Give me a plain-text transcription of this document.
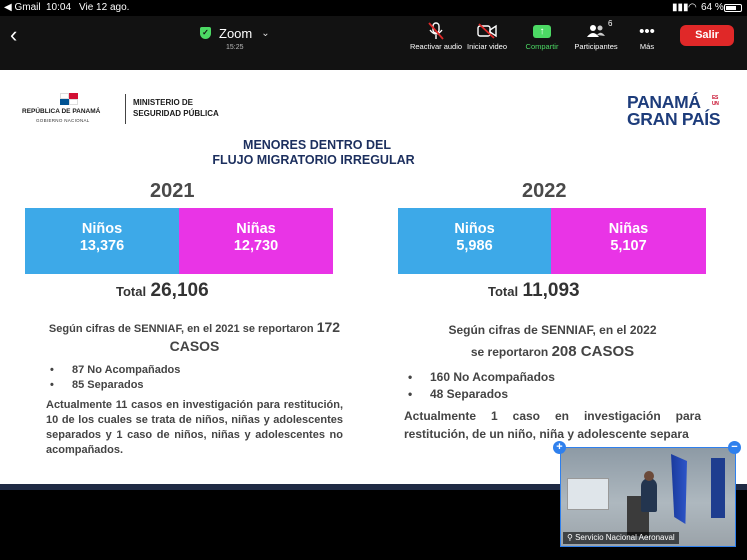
◀ Gmail 10:04 Vie 12 ago.	▮▮▮ ◠ 64 %
‹	✓ Zoom ⌄
15:25	Reactivar audio Iniciar video
↑
Compartir
6
Participantes
•••
Más
Salir
REPÚBLICA DE PANAMÁ
GOBIERNO NACIONAL
MINISTERIO DE
SEGURIDAD PÚBLICA
PANAMÁ ES
UN
GRAN PAÍS
MENORES DENTRO DEL
FLUJO MIGRATORIO IRREGULAR
2021
Niños
13,376
Niñas
12,730
Total 26,106
Según cifras de SENNIAF, en el 2021 se reportaron 172 CASOS
• 87 No Acompañados
• 85 Separados
Actualmente 11 casos en investigación para restitución, 10 de los cuales se trata de niños, niñas y adolescentes separados y 1 caso de niños, niñas y adolescentes no acompañados.
2022
Niños
5,986
Niñas
5,107
Total 11,093
Según cifras de SENNIAF, en el 2022
se reportaron 208 CASOS
• 160 No Acompañados
• 48 Separados
Actualmente 1 caso en investigación para restitución, de un niño, niña y adolescente separa
⚲ Servicio Nacional Aeronaval
+	−
